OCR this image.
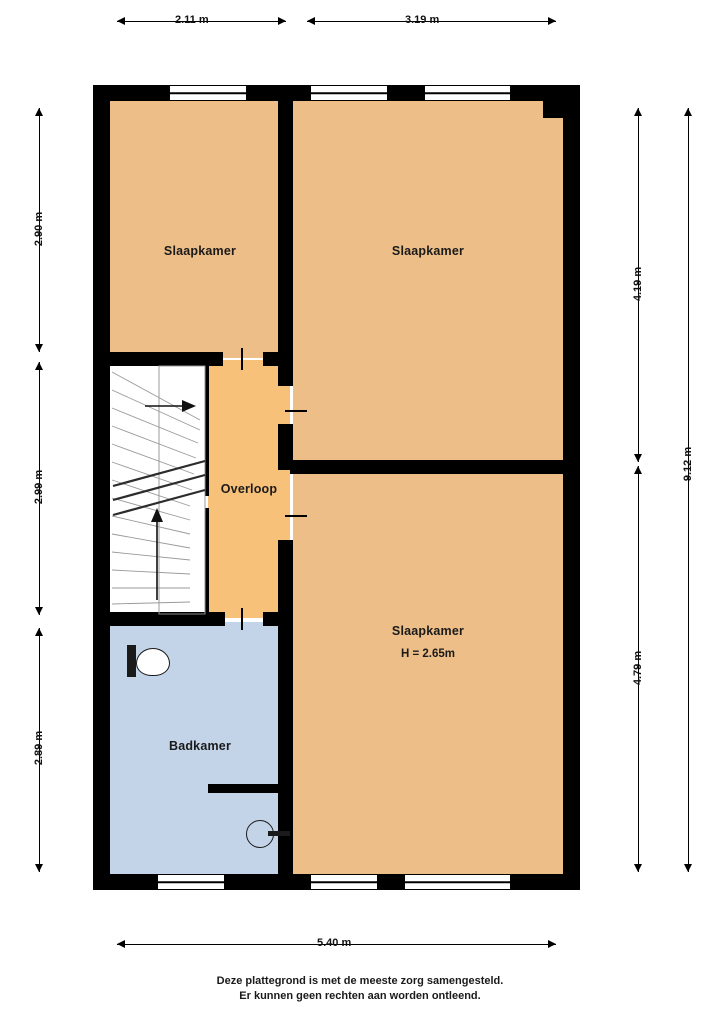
2.11 m	3.19 m
2.90 m
2.99 m
2.89 m
4.19 m
4.79 m
9.12 m
5.40 m
Slaapkamer	Slaapkamer
Slaapkamer
H = 2.65m
Overloop
Badkamer
Deze plattegrond is met de meeste zorg samengesteld.
Er kunnen geen rechten aan worden ontleend.
